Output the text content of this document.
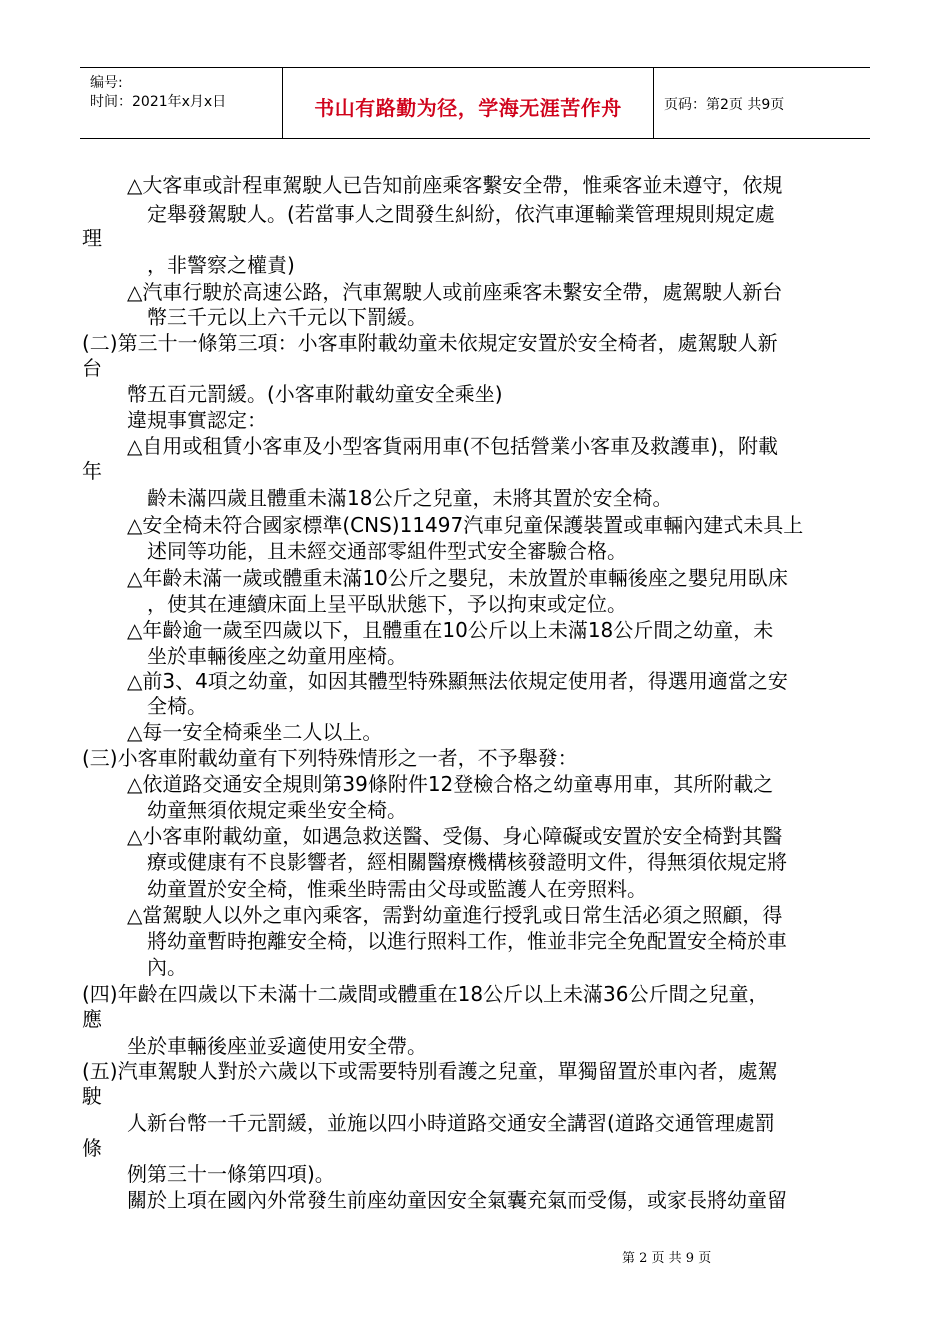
编号:
时间：2021年x月x日	书山有路勤为径，学海无涯苦作舟	页码：第2页 共9页
△大客車或計程車駕駛人已告知前座乘客繫安全帶，惟乘客並未遵守，依規
定舉發駕駛人。(若當事人之間發生糾紛，依汽車運輸業管理規則規定處
理
，非警察之權責)
△汽車行駛於高速公路，汽車駕駛人或前座乘客未繫安全帶，處駕駛人新台
幣三千元以上六千元以下罰緩。
(二)第三十一條第三項：小客車附載幼童未依規定安置於安全椅者，處駕駛人新
台
幣五百元罰緩。(小客車附載幼童安全乘坐)
違規事實認定：
△自用或租賃小客車及小型客貨兩用車(不包括營業小客車及救護車)，附載
年
齡未滿四歲且體重未滿18公斤之兒童，未將其置於安全椅。
△安全椅未符合國家標準(CNS)11497汽車兒童保護裝置或車輛內建式未具上
述同等功能，且未經交通部零組件型式安全審驗合格。
△年齡未滿一歲或體重未滿10公斤之嬰兒，未放置於車輛後座之嬰兒用臥床
，使其在連續床面上呈平臥狀態下，予以拘束或定位。
△年齡逾一歲至四歲以下，且體重在10公斤以上未滿18公斤間之幼童，未
坐於車輛後座之幼童用座椅。
△前3、4項之幼童，如因其體型特殊顯無法依規定使用者，得選用適當之安
全椅。
△每一安全椅乘坐二人以上。
(三)小客車附載幼童有下列特殊情形之一者，不予舉發：
△依道路交通安全規則第39條附件12登檢合格之幼童專用車，其所附載之
幼童無須依規定乘坐安全椅。
△小客車附載幼童，如遇急救送醫、受傷、身心障礙或安置於安全椅對其醫
療或健康有不良影響者，經相關醫療機構核發證明文件，得無須依規定將
幼童置於安全椅，惟乘坐時需由父母或監護人在旁照料。
△當駕駛人以外之車內乘客，需對幼童進行授乳或日常生活必須之照顧，得
將幼童暫時抱離安全椅，以進行照料工作，惟並非完全免配置安全椅於車
內。
(四)年齡在四歲以下未滿十二歲間或體重在18公斤以上未滿36公斤間之兒童，
應
坐於車輛後座並妥適使用安全帶。
(五)汽車駕駛人對於六歲以下或需要特別看護之兒童，單獨留置於車內者，處駕
駛
人新台幣一千元罰緩，並施以四小時道路交通安全講習(道路交通管理處罰
條
例第三十一條第四項)。
關於上項在國內外常發生前座幼童因安全氣囊充氣而受傷，或家長將幼童留
第 2 页 共 9 页
